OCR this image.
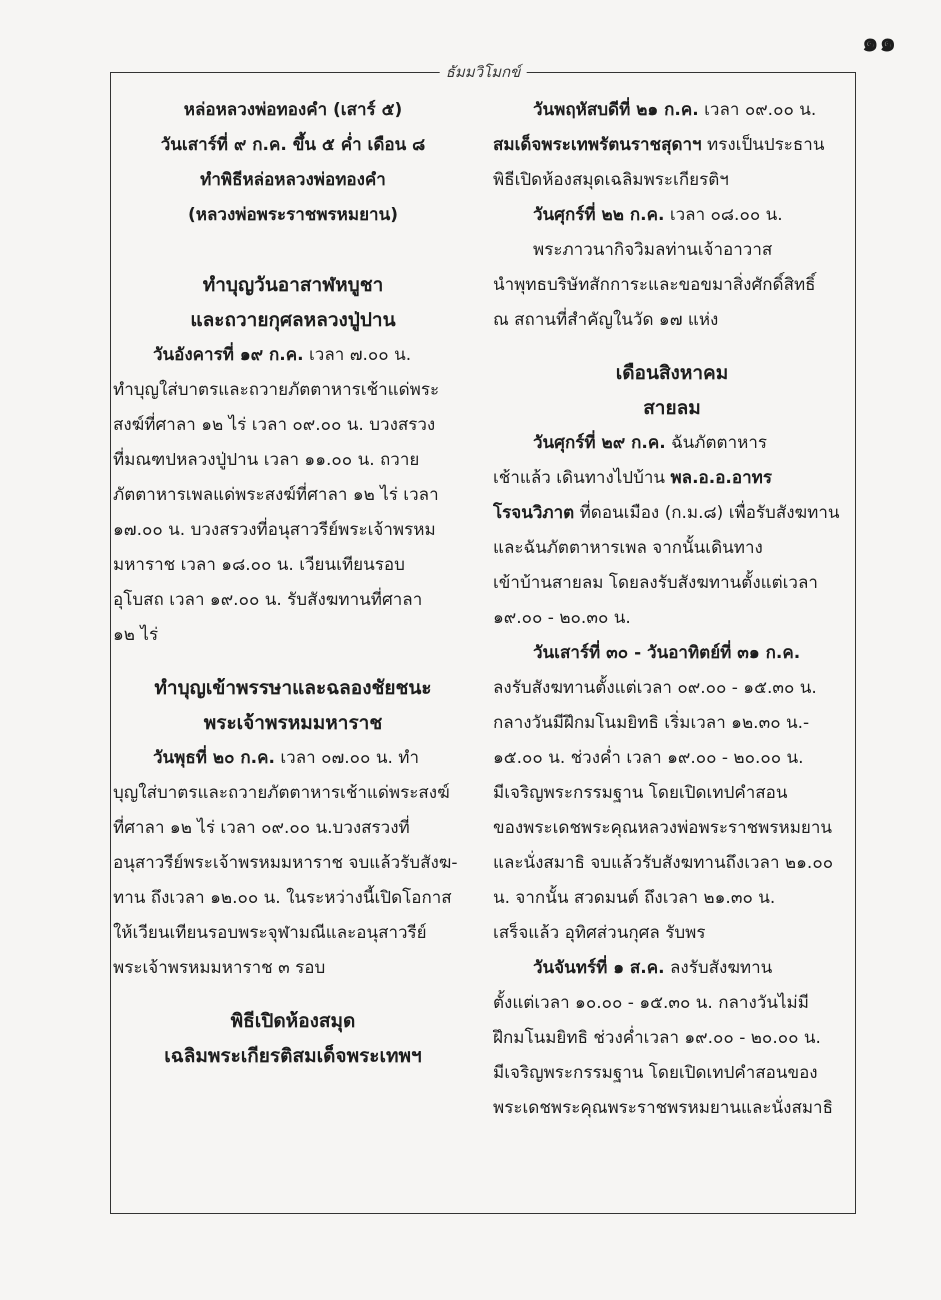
๑๑
ธัมมวิโมกข์
หล่อหลวงพ่อทองคำ (เสาร์ ๕)
วันเสาร์ที่ ๙ ก.ค. ขึ้น ๕ ค่ำ เดือน ๘
ทำพิธีหล่อหลวงพ่อทองคำ
(หลวงพ่อพระราชพรหมยาน)
ทำบุญวันอาสาฬหบูชา
และถวายกุศลหลวงปู่ปาน
วันอังคารที่ ๑๙ ก.ค. เวลา ๗.๐๐ น.
ทำบุญใส่บาตรและถวายภัตตาหารเช้าแด่พระ
สงฆ์ที่ศาลา ๑๒ ไร่ เวลา ๐๙.๐๐ น. บวงสรวง
ที่มณฑปหลวงปู่ปาน เวลา ๑๑.๐๐ น. ถวาย
ภัตตาหารเพลแด่พระสงฆ์ที่ศาลา ๑๒ ไร่ เวลา
๑๗.๐๐ น. บวงสรวงที่อนุสาวรีย์พระเจ้าพรหม
มหาราช เวลา ๑๘.๐๐ น. เวียนเทียนรอบ
อุโบสถ เวลา ๑๙.๐๐ น. รับสังฆทานที่ศาลา
๑๒ ไร่
ทำบุญเข้าพรรษาและฉลองชัยชนะ
พระเจ้าพรหมมหาราช
วันพุธที่ ๒๐ ก.ค. เวลา ๐๗.๐๐ น. ทำ
บุญใส่บาตรและถวายภัตตาหารเช้าแด่พระสงฆ์
ที่ศาลา ๑๒ ไร่ เวลา ๐๙.๐๐ น.บวงสรวงที่
อนุสาวรีย์พระเจ้าพรหมมหาราช จบแล้วรับสังฆ-
ทาน ถึงเวลา ๑๒.๐๐ น. ในระหว่างนี้เปิดโอกาส
ให้เวียนเทียนรอบพระจุฬามณีและอนุสาวรีย์
พระเจ้าพรหมมหาราช ๓ รอบ
พิธีเปิดห้องสมุด
เฉลิมพระเกียรติสมเด็จพระเทพฯ
วันพฤหัสบดีที่ ๒๑ ก.ค. เวลา ๐๙.๐๐ น.
สมเด็จพระเทพรัตนราชสุดาฯ ทรงเป็นประธาน
พิธีเปิดห้องสมุดเฉลิมพระเกียรติฯ
วันศุกร์ที่ ๒๒ ก.ค. เวลา ๐๘.๐๐ น.
พระภาวนากิจวิมลท่านเจ้าอาวาส
นำพุทธบริษัทสักการะและขอขมาสิ่งศักดิ์สิทธิ์
ณ สถานที่สำคัญในวัด ๑๗ แห่ง
เดือนสิงหาคม
สายลม
วันศุกร์ที่ ๒๙ ก.ค. ฉันภัตตาหาร
เช้าแล้ว เดินทางไปบ้าน พล.อ.อ.อาทร
โรจนวิภาต ที่ดอนเมือง (ก.ม.๘) เพื่อรับสังฆทาน
และฉันภัตตาหารเพล จากนั้นเดินทาง
เข้าบ้านสายลม โดยลงรับสังฆทานตั้งแต่เวลา
๑๙.๐๐ - ๒๐.๓๐ น.
วันเสาร์ที่ ๓๐ - วันอาทิตย์ที่ ๓๑ ก.ค.
ลงรับสังฆทานตั้งแต่เวลา ๐๙.๐๐ - ๑๕.๓๐ น.
กลางวันมีฝึกมโนมยิทธิ เริ่มเวลา ๑๒.๓๐ น.-
๑๕.๐๐ น. ช่วงค่ำ เวลา ๑๙.๐๐ - ๒๐.๐๐ น.
มีเจริญพระกรรมฐาน โดยเปิดเทปคำสอน
ของพระเดชพระคุณหลวงพ่อพระราชพรหมยาน
และนั่งสมาธิ จบแล้วรับสังฆทานถึงเวลา ๒๑.๐๐
น. จากนั้น สวดมนต์ ถึงเวลา ๒๑.๓๐ น.
เสร็จแล้ว อุทิศส่วนกุศล รับพร
วันจันทร์ที่ ๑ ส.ค. ลงรับสังฆทาน
ตั้งแต่เวลา ๑๐.๐๐ - ๑๕.๓๐ น. กลางวันไม่มี
ฝึกมโนมยิทธิ ช่วงค่ำเวลา ๑๙.๐๐ - ๒๐.๐๐ น.
มีเจริญพระกรรมฐาน โดยเปิดเทปคำสอนของ
พระเดชพระคุณพระราชพรหมยานและนั่งสมาธิ
